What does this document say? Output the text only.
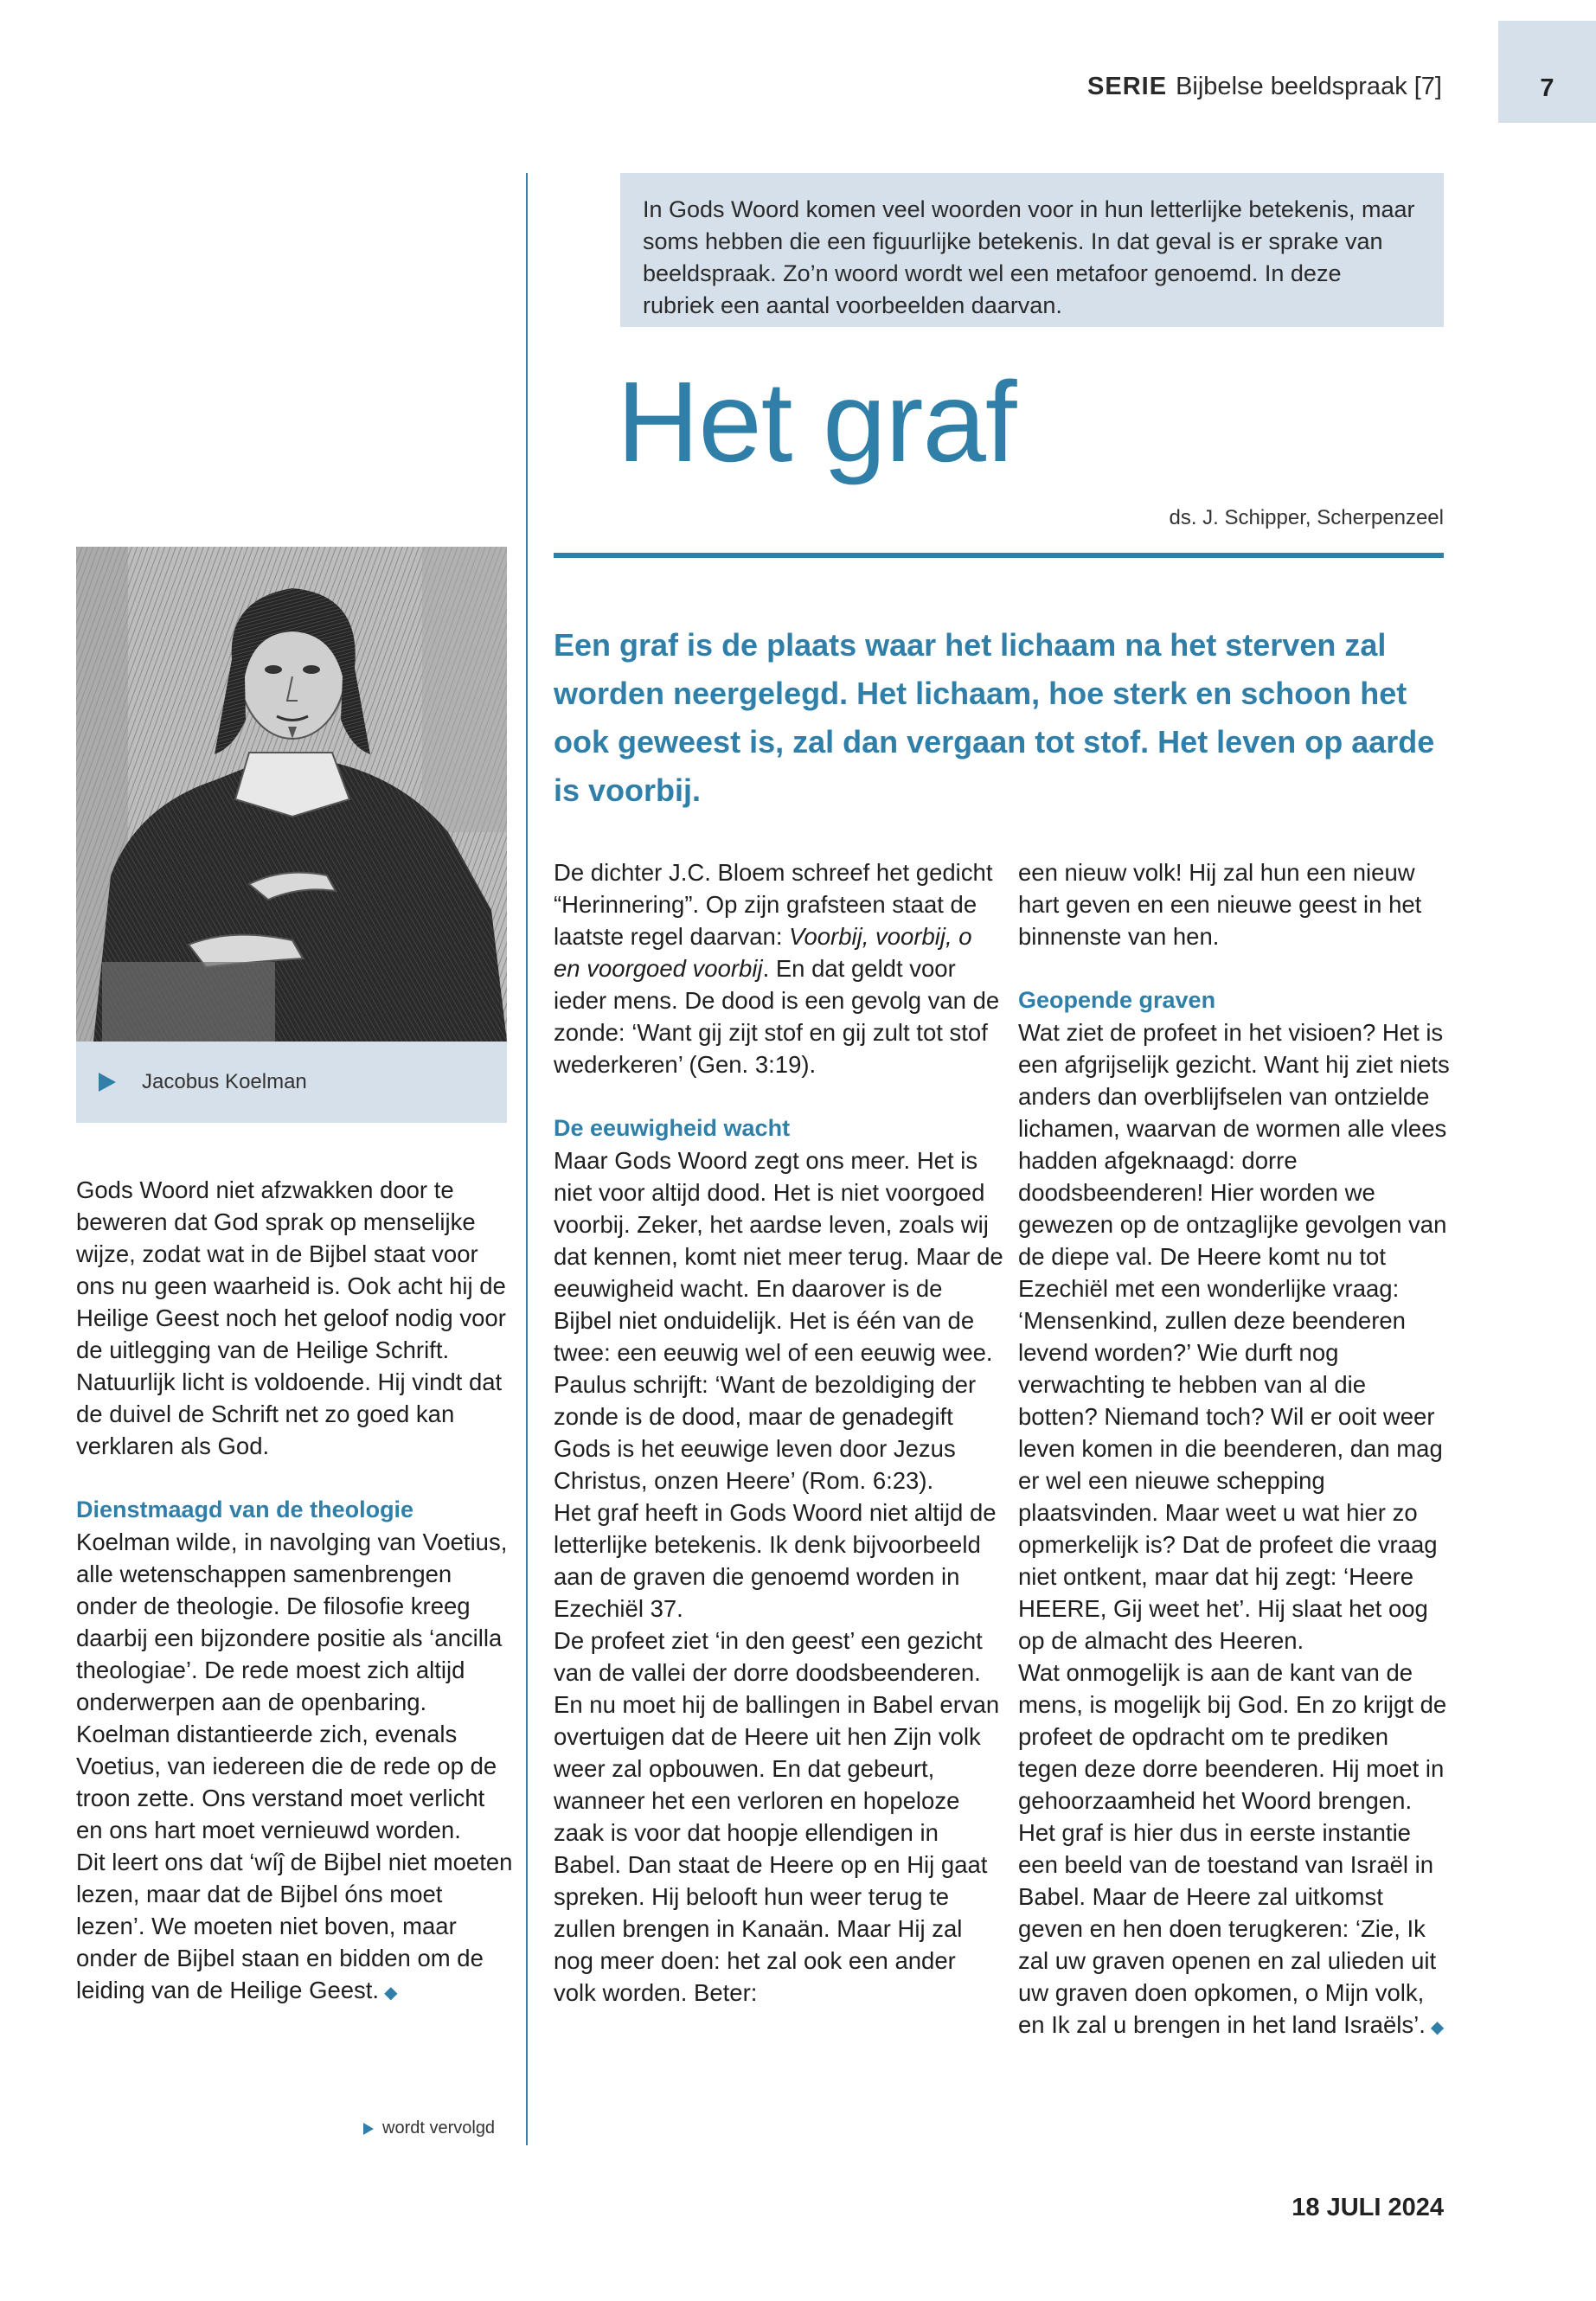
SERIE Bijbelse beeldspraak [7]	7
In Gods Woord komen veel woorden voor in hun letterlijke betekenis, maar soms hebben die een figuurlijke betekenis. In dat geval is er sprake van beeldspraak. Zo’n woord wordt wel een metafoor genoemd. In deze rubriek een aantal voorbeelden daarvan.
Het graf
ds. J. Schipper, Scherpenzeel
Een graf is de plaats waar het lichaam na het sterven zal worden neergelegd. Het lichaam, hoe sterk en schoon het ook geweest is, zal dan vergaan tot stof. Het leven op aarde is voorbij.
Jacobus Koelman

Gods Woord niet afzwakken door te beweren dat God sprak op menselijke wijze, zodat wat in de Bijbel staat voor ons nu geen waarheid is. Ook acht hij de Heilige Geest noch het geloof nodig voor de uitlegging van de Heilige Schrift. Natuurlijk licht is voldoende. Hij vindt dat de duivel de Schrift net zo goed kan verklaren als God.

Dienstmaagd van de theologie

Koelman wilde, in navolging van Voetius, alle wetenschappen samenbrengen onder de theologie. De filosofie kreeg daarbij een bijzondere positie als ‘ancilla theologiae’. De rede moest zich altijd onderwerpen aan de openbaring. Koelman distantieerde zich, evenals Voetius, van iedereen die de rede op de troon zette. Ons verstand moet verlicht en ons hart moet vernieuwd worden.

Dit leert ons dat ‘wíĵ de Bijbel niet moeten lezen, maar dat de Bijbel óns moet lezen’. We moeten niet boven, maar onder de Bijbel staan en bidden om de leiding van de Heilige Geest. ◆

wordt vervolgd

De dichter J.C. Bloem schreef het gedicht “Herinnering”. Op zijn grafsteen staat de laatste regel daarvan: Voorbij, voorbij, o en voorgoed voorbij. En dat geldt voor ieder mens. De dood is een gevolg van de zonde: ‘Want gij zijt stof en gij zult tot stof wederkeren’ (Gen. 3:19).

De eeuwigheid wacht

Maar Gods Woord zegt ons meer. Het is niet voor altijd dood. Het is niet voorgoed voorbij. Zeker, het aardse leven, zoals wij dat kennen, komt niet meer terug. Maar de eeuwigheid wacht. En daarover is de Bijbel niet onduidelijk. Het is één van de twee: een eeuwig wel of een eeuwig wee. Paulus schrijft: ‘Want de bezoldiging der zonde is de dood, maar de genadegift Gods is het eeuwige leven door Jezus Christus, onzen Heere’ (Rom. 6:23).

Het graf heeft in Gods Woord niet altijd de letterlijke betekenis. Ik denk bijvoorbeeld aan de graven die genoemd worden in Ezechiël 37.

De profeet ziet ‘in den geest’ een gezicht van de vallei der dorre doodsbeenderen. En nu moet hij de ballingen in Babel ervan overtuigen dat de Heere uit hen Zijn volk weer zal opbouwen. En dat gebeurt, wanneer het een verloren en hopeloze zaak is voor dat hoopje ellendigen in Babel. Dan staat de Heere op en Hij gaat spreken. Hij belooft hun weer terug te zullen brengen in Kanaän. Maar Hij zal nog meer doen: het zal ook een ander volk worden. Beter:

een nieuw volk! Hij zal hun een nieuw hart geven en een nieuwe geest in het binnenste van hen.

Geopende graven

Wat ziet de profeet in het visioen? Het is een afgrijselijk gezicht. Want hij ziet niets anders dan overblijfselen van ontzielde lichamen, waarvan de wormen alle vlees hadden afgeknaagd: dorre doodsbeenderen! Hier worden we gewezen op de ontzaglijke gevolgen van de diepe val. De Heere komt nu tot Ezechiël met een wonderlijke vraag: ‘Mensenkind, zullen deze beenderen levend worden?’ Wie durft nog verwachting te hebben van al die botten? Niemand toch? Wil er ooit weer leven komen in die beenderen, dan mag er wel een nieuwe schepping plaatsvinden. Maar weet u wat hier zo opmerkelijk is? Dat de profeet die vraag niet ontkent, maar dat hij zegt: ‘Heere HEERE, Gij weet het’. Hij slaat het oog op de almacht des Heeren.

Wat onmogelijk is aan de kant van de mens, is mogelijk bij God. En zo krijgt de profeet de opdracht om te prediken tegen deze dorre beenderen. Hij moet in gehoorzaamheid het Woord brengen.

Het graf is hier dus in eerste instantie een beeld van de toestand van Israël in Babel. Maar de Heere zal uitkomst geven en hen doen terugkeren: ‘Zie, Ik zal uw graven openen en zal ulieden uit uw graven doen opkomen, o Mijn volk, en Ik zal u brengen in het land Israëls’. ◆

18 JULI 2024
